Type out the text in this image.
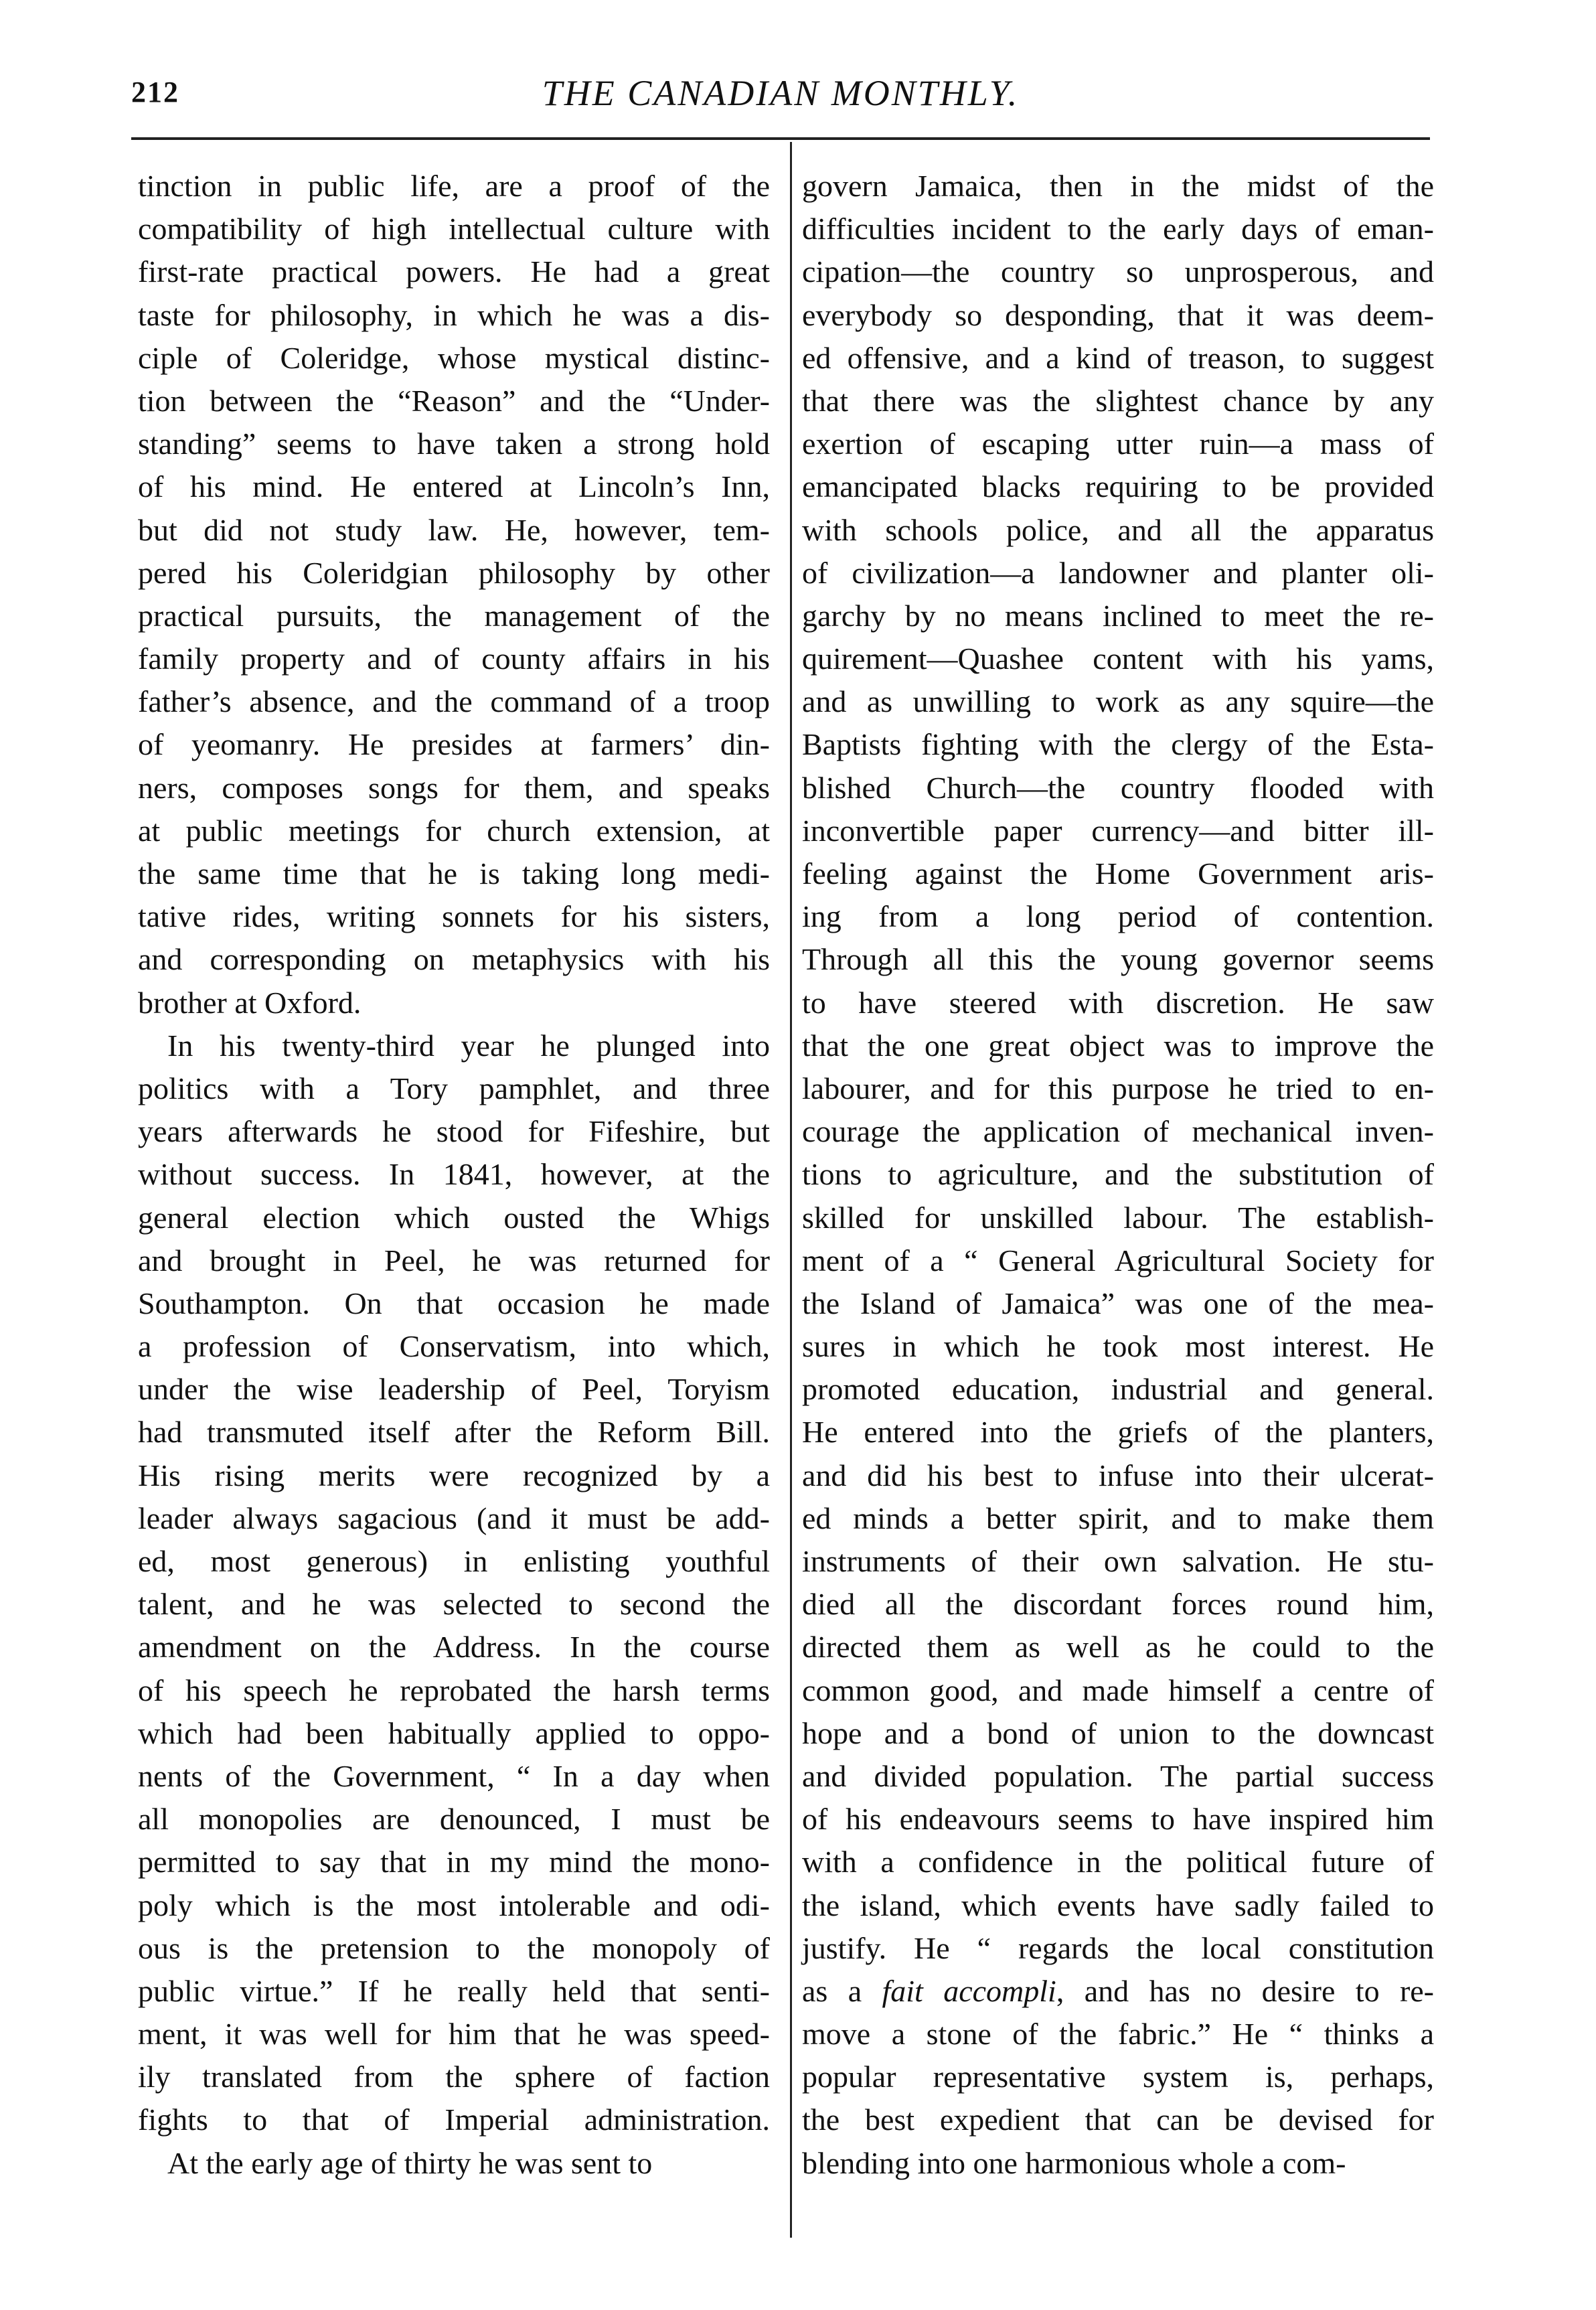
212	THE CANADIAN MONTHLY.
tinction in public life, are a proof of the
compatibility of high intellectual culture with
first-rate practical powers. He had a great
taste for philosophy, in which he was a dis-
ciple of Coleridge, whose mystical distinc-
tion between the “Reason” and the “Under-
standing” seems to have taken a strong hold
of his mind. He entered at Lincoln’s Inn,
but did not study law. He, however, tem-
pered his Coleridgian philosophy by other
practical pursuits, the management of the
family property and of county affairs in his
father’s absence, and the command of a troop
of yeomanry. He presides at farmers’ din-
ners, composes songs for them, and speaks
at public meetings for church extension, at
the same time that he is taking long medi-
tative rides, writing sonnets for his sisters,
and corresponding on metaphysics with his
brother at Oxford.
In his twenty-third year he plunged into
politics with a Tory pamphlet, and three
years afterwards he stood for Fifeshire, but
without success. In 1841, however, at the
general election which ousted the Whigs
and brought in Peel, he was returned for
Southampton. On that occasion he made
a profession of Conservatism, into which,
under the wise leadership of Peel, Toryism
had transmuted itself after the Reform Bill.
His rising merits were recognized by a
leader always sagacious (and it must be add-
ed, most generous) in enlisting youthful
talent, and he was selected to second the
amendment on the Address. In the course
of his speech he reprobated the harsh terms
which had been habitually applied to oppo-
nents of the Government, “ In a day when
all monopolies are denounced, I must be
permitted to say that in my mind the mono-
poly which is the most intolerable and odi-
ous is the pretension to the monopoly of
public virtue.” If he really held that senti-
ment, it was well for him that he was speed-
ily translated from the sphere of faction
fights to that of Imperial administration.
At the early age of thirty he was sent to
govern Jamaica, then in the midst of the
difficulties incident to the early days of eman-
cipation—the country so unprosperous, and
everybody so desponding, that it was deem-
ed offensive, and a kind of treason, to suggest
that there was the slightest chance by any
exertion of escaping utter ruin—a mass of
emancipated blacks requiring to be provided
with schools police, and all the apparatus
of civilization—a landowner and planter oli-
garchy by no means inclined to meet the re-
quirement—Quashee content with his yams,
and as unwilling to work as any squire—the
Baptists fighting with the clergy of the Esta-
blished Church—the country flooded with
inconvertible paper currency—and bitter ill-
feeling against the Home Government aris-
ing from a long period of contention.
Through all this the young governor seems
to have steered with discretion. He saw
that the one great object was to improve the
labourer, and for this purpose he tried to en-
courage the application of mechanical inven-
tions to agriculture, and the substitution of
skilled for unskilled labour. The establish-
ment of a “ General Agricultural Society for
the Island of Jamaica” was one of the mea-
sures in which he took most interest. He
promoted education, industrial and general.
He entered into the griefs of the planters,
and did his best to infuse into their ulcerat-
ed minds a better spirit, and to make them
instruments of their own salvation. He stu-
died all the discordant forces round him,
directed them as well as he could to the
common good, and made himself a centre of
hope and a bond of union to the downcast
and divided population. The partial success
of his endeavours seems to have inspired him
with a confidence in the political future of
the island, which events have sadly failed to
justify. He “ regards the local constitution
as a fait accompli, and has no desire to re-
move a stone of the fabric.” He “ thinks a
popular representative system is, perhaps,
the best expedient that can be devised for
blending into one harmonious whole a com-
